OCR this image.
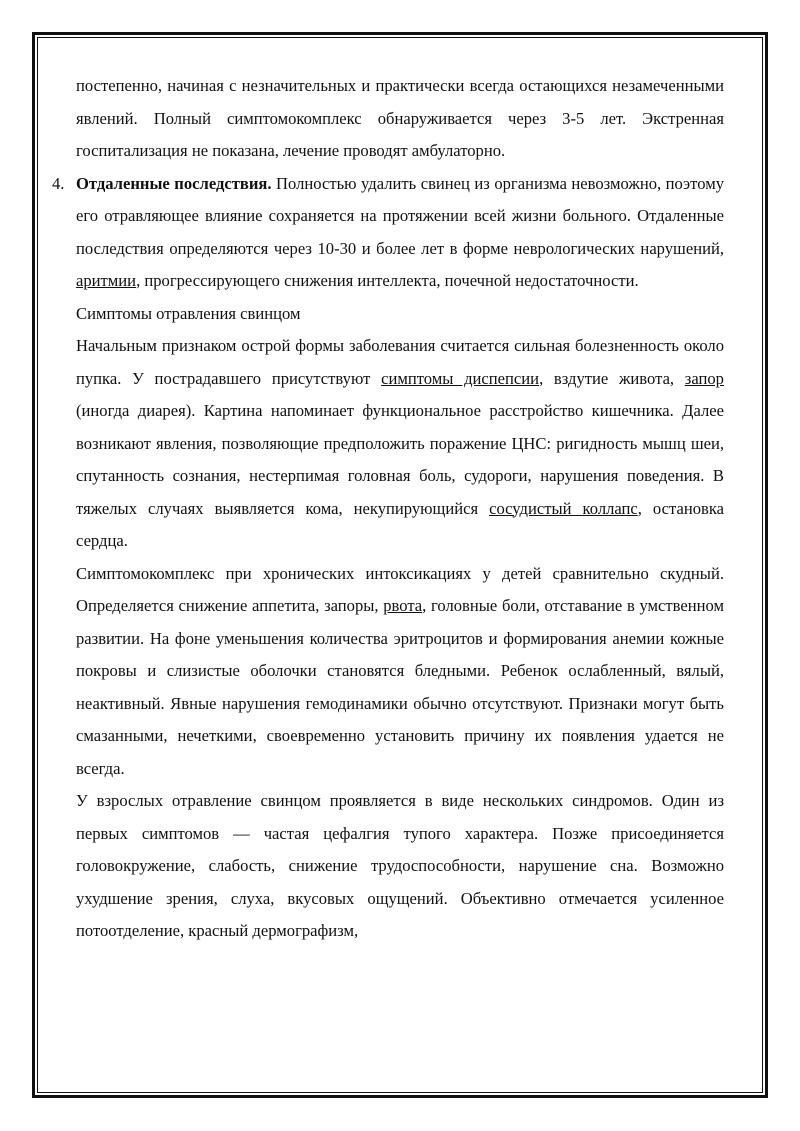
постепенно, начиная с незначительных и практически всегда остающихся незамеченными явлений. Полный симптомокомплекс обнаруживается через 3-5 лет. Экстренная госпитализация не показана, лечение проводят амбулаторно.

4. Отдаленные последствия. Полностью удалить свинец из организма невозможно, поэтому его отравляющее влияние сохраняется на протяжении всей жизни больного. Отдаленные последствия определяются через 10-30 и более лет в форме неврологических нарушений, аритмии, прогрессирующего снижения интеллекта, почечной недостаточности.

Симптомы отравления свинцом

Начальным признаком острой формы заболевания считается сильная болезненность около пупка. У пострадавшего присутствуют симптомы диспепсии, вздутие живота, запор (иногда диарея). Картина напоминает функциональное расстройство кишечника. Далее возникают явления, позволяющие предположить поражение ЦНС: ригидность мышц шеи, спутанность сознания, нестерпимая головная боль, судороги, нарушения поведения. В тяжелых случаях выявляется кома, некупирующийся сосудистый коллапс, остановка сердца.

Симптомокомплекс при хронических интоксикациях у детей сравнительно скудный. Определяется снижение аппетита, запоры, рвота, головные боли, отставание в умственном развитии. На фоне уменьшения количества эритроцитов и формирования анемии кожные покровы и слизистые оболочки становятся бледными. Ребенок ослабленный, вялый, неактивный. Явные нарушения гемодинамики обычно отсутствуют. Признаки могут быть смазанными, нечеткими, своевременно установить причину их появления удается не всегда.

У взрослых отравление свинцом проявляется в виде нескольких синдромов. Один из первых симптомов — частая цефалгия тупого характера. Позже присоединяется головокружение, слабость, снижение трудоспособности, нарушение сна. Возможно ухудшение зрения, слуха, вкусовых ощущений. Объективно отмечается усиленное потоотделение, красный дермографизм,
